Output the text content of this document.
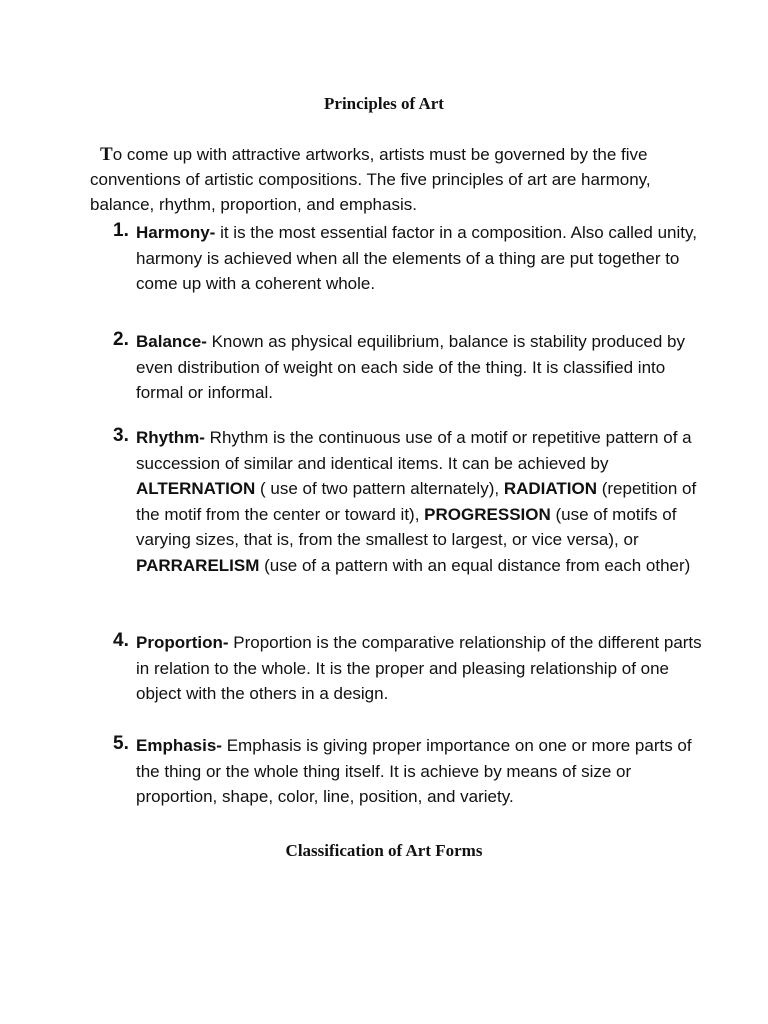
Principles of Art
To come up with attractive artworks, artists must be governed by the five conventions of artistic compositions. The five principles of art are harmony, balance, rhythm, proportion, and emphasis.
1. Harmony- it is the most essential factor in a composition. Also called unity, harmony is achieved when all the elements of a thing are put together to come up with a coherent whole.
2. Balance- Known as physical equilibrium, balance is stability produced by even distribution of weight on each side of the thing. It is classified into formal or informal.
3. Rhythm- Rhythm is the continuous use of a motif or repetitive pattern of a succession of similar and identical items. It can be achieved by ALTERNATION ( use of two pattern alternately), RADIATION (repetition of the motif from the center or toward it), PROGRESSION (use of motifs of varying sizes, that is, from the smallest to largest, or vice versa), or PARRARELISM (use of a pattern with an equal distance from each other)
4. Proportion- Proportion is the comparative relationship of the different parts in relation to the whole. It is the proper and pleasing relationship of one object with the others in a design.
5. Emphasis- Emphasis is giving proper importance on one or more parts of the thing or the whole thing itself. It is achieve by means of size or proportion, shape, color, line, position, and variety.
Classification of Art Forms
